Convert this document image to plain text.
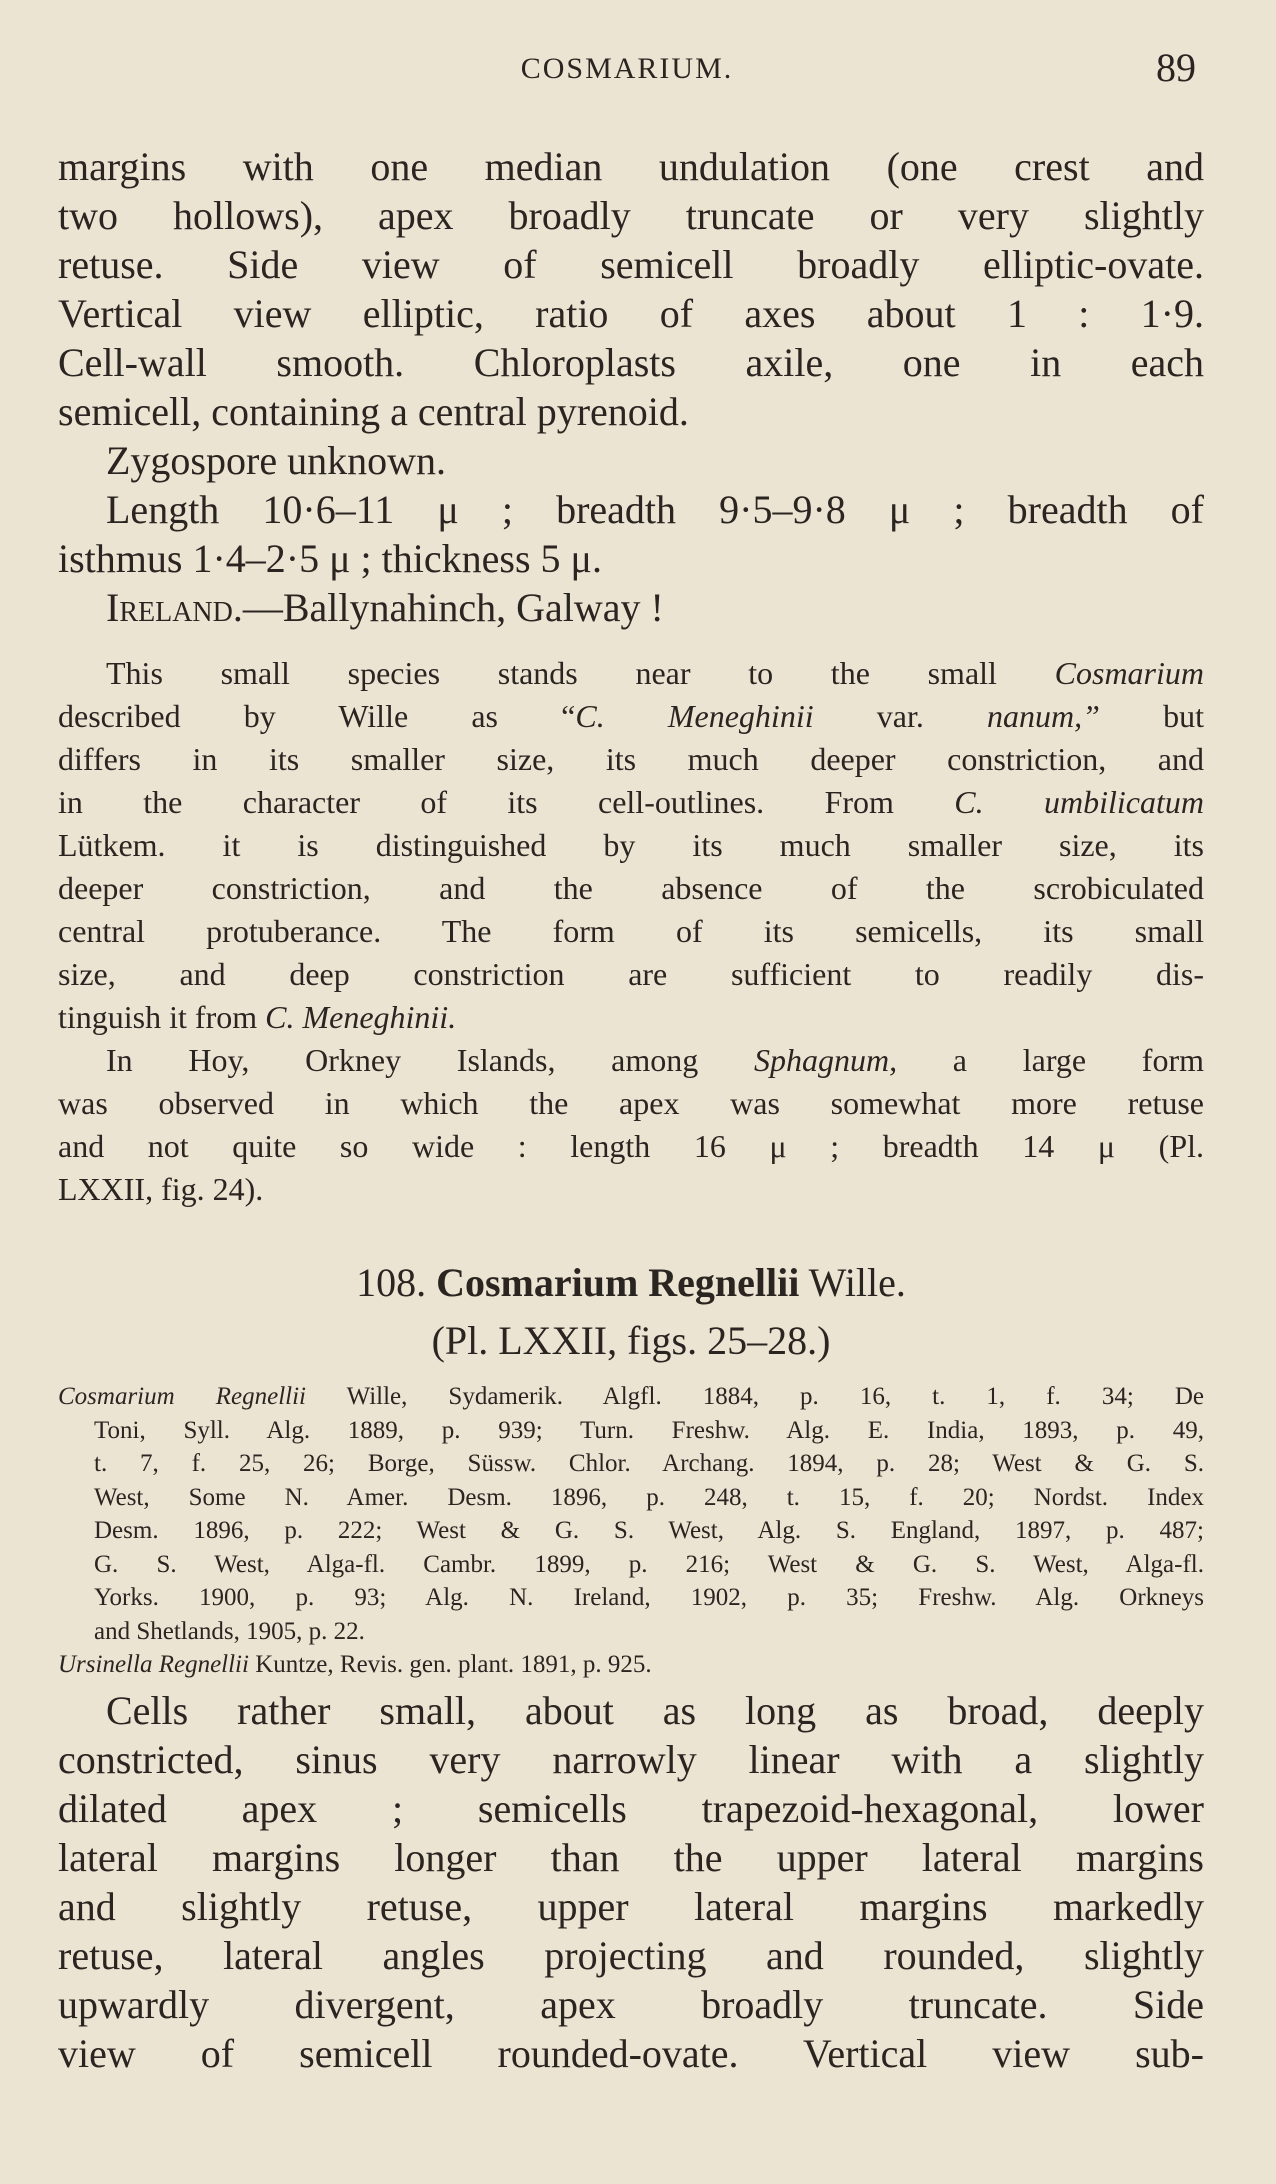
COSMARIUM.	89
margins with one median undulation (one crest and
two hollows), apex broadly truncate or very slightly
retuse. Side view of semicell broadly elliptic-ovate.
Vertical view elliptic, ratio of axes about 1 : 1·9.
Cell-wall smooth. Chloroplasts axile, one in each
semicell, containing a central pyrenoid.
Zygospore unknown.
Length 10·6–11 μ ; breadth 9·5–9·8 μ ; breadth of
isthmus 1·4–2·5 μ ; thickness 5 μ.
Ireland.—Ballynahinch, Galway !
This small species stands near to the small Cosmarium
described by Wille as “C. Meneghinii var. nanum,” but
differs in its smaller size, its much deeper constriction, and
in the character of its cell-outlines. From C. umbilicatum
Lütkem. it is distinguished by its much smaller size, its
deeper constriction, and the absence of the scrobiculated
central protuberance. The form of its semicells, its small
size, and deep constriction are sufficient to readily dis-
tinguish it from C. Meneghinii.
In Hoy, Orkney Islands, among Sphagnum, a large form
was observed in which the apex was somewhat more retuse
and not quite so wide : length 16 μ ; breadth 14 μ (Pl.
LXXII, fig. 24).
108. Cosmarium Regnellii Wille.
(Pl. LXXII, figs. 25–28.)
Cosmarium Regnellii Wille, Sydamerik. Algfl. 1884, p. 16, t. 1, f. 34; De
Toni, Syll. Alg. 1889, p. 939; Turn. Freshw. Alg. E. India, 1893, p. 49,
t. 7, f. 25, 26; Borge, Süssw. Chlor. Archang. 1894, p. 28; West & G. S.
West, Some N. Amer. Desm. 1896, p. 248, t. 15, f. 20; Nordst. Index
Desm. 1896, p. 222; West & G. S. West, Alg. S. England, 1897, p. 487;
G. S. West, Alga-fl. Cambr. 1899, p. 216; West & G. S. West, Alga-fl.
Yorks. 1900, p. 93; Alg. N. Ireland, 1902, p. 35; Freshw. Alg. Orkneys
and Shetlands, 1905, p. 22.
Ursinella Regnellii Kuntze, Revis. gen. plant. 1891, p. 925.
Cells rather small, about as long as broad, deeply
constricted, sinus very narrowly linear with a slightly
dilated apex ; semicells trapezoid-hexagonal, lower
lateral margins longer than the upper lateral margins
and slightly retuse, upper lateral margins markedly
retuse, lateral angles projecting and rounded, slightly
upwardly divergent, apex broadly truncate. Side
view of semicell rounded-ovate. Vertical view sub-
